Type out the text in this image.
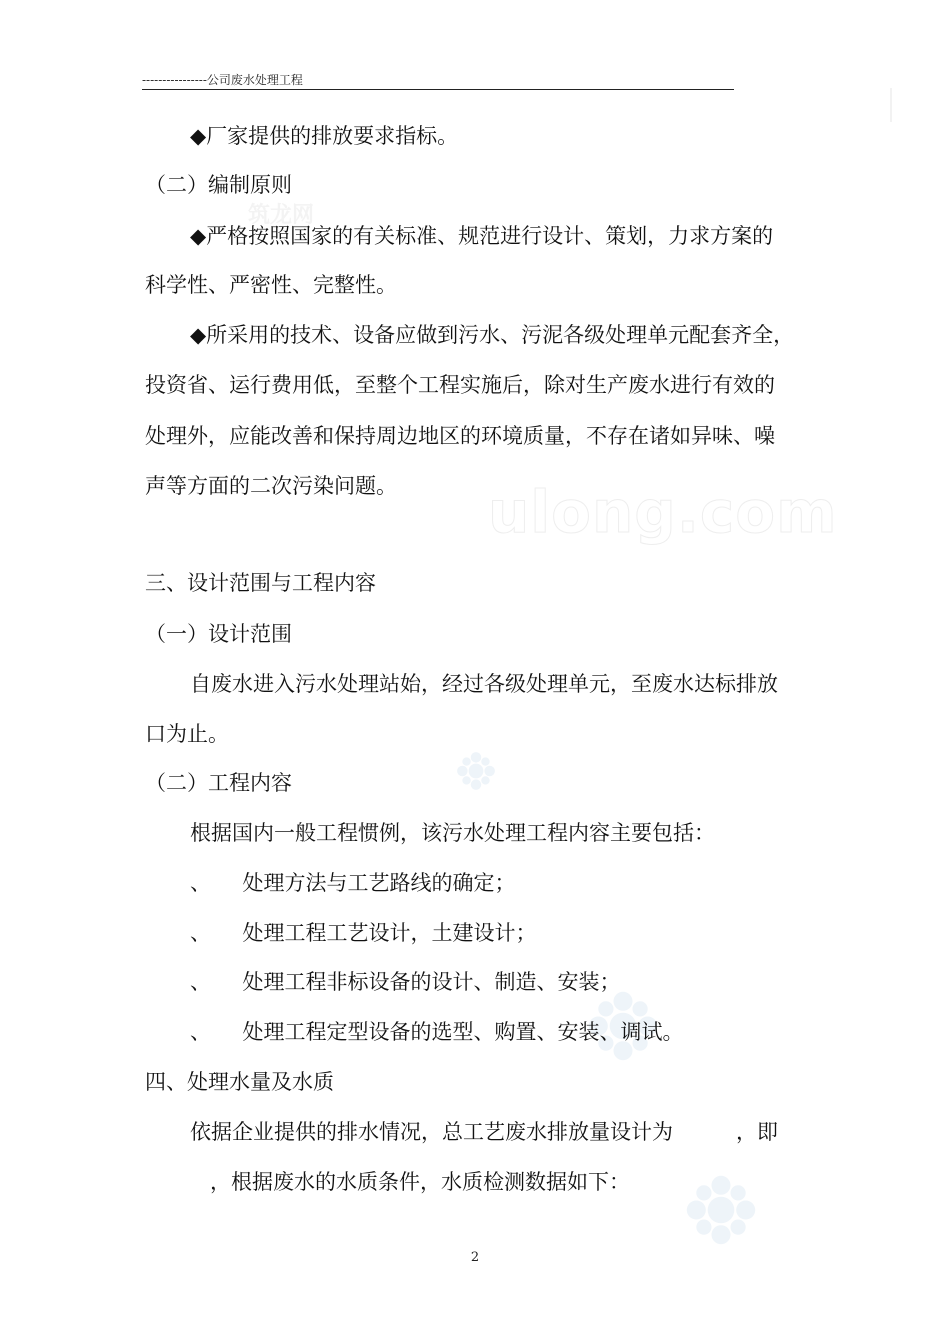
----------------公司废水处理工程
筑龙网
ulong.com
◆厂家提供的排放要求指标。
（二）编制原则
◆严格按照国家的有关标准、规范进行设计、策划，力求方案的
科学性、严密性、完整性。
◆所采用的技术、设备应做到污水、污泥各级处理单元配套齐全，
投资省、运行费用低，至整个工程实施后，除对生产废水进行有效的
处理外，应能改善和保持周边地区的环境质量，不存在诸如异味、噪
声等方面的二次污染问题。
三、设计范围与工程内容
（一）设计范围
自废水进入污水处理站始，经过各级处理单元，至废水达标排放
口为止。
（二）工程内容
根据国内一般工程惯例，该污水处理工程内容主要包括：
、　　处理方法与工艺路线的确定；
、　　处理工程工艺设计，土建设计；
、　　处理工程非标设备的设计、制造、安装；
、　　处理工程定型设备的选型、购置、安装、调试。
四、处理水量及水质
依据企业提供的排水情况，总工艺废水排放量设计为　　　，即
，根据废水的水质条件，水质检测数据如下：
2
